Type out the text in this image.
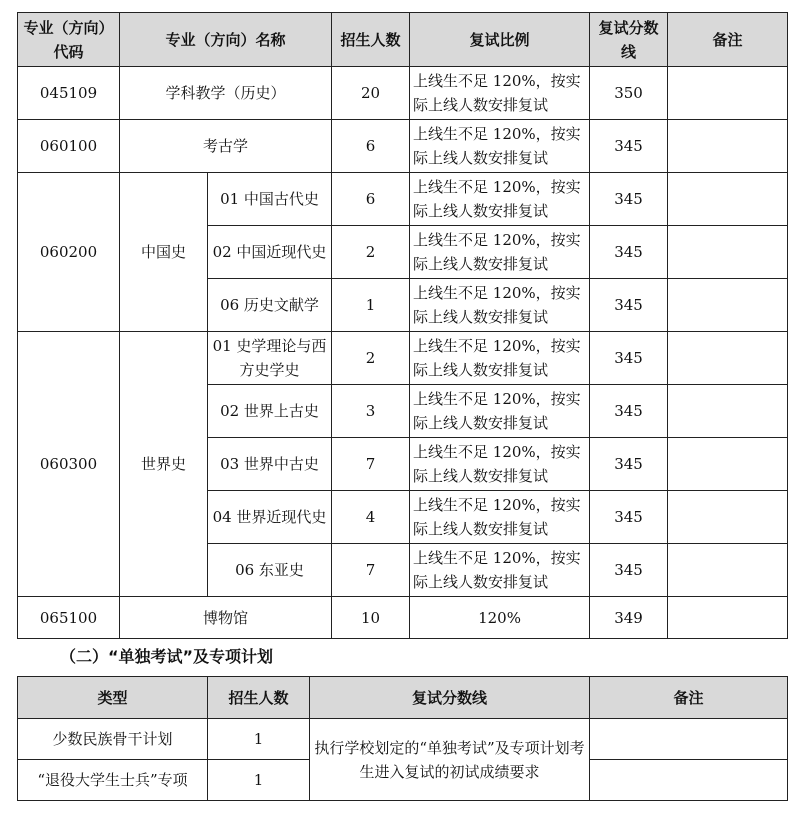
专业（方向）代码	专业（方向）名称		招生人数	复试比例	复试分数线	备注
045109	学科教学（历史）		20	上线生不足 120%，按实际上线人数安排复试	350	
060100	考古学		6	上线生不足 120%，按实际上线人数安排复试	345	
060200	中国史	01 中国古代史	6	上线生不足 120%，按实际上线人数安排复试	345	
		02 中国近现代史	2	上线生不足 120%，按实际上线人数安排复试	345	
		06 历史文献学	1	上线生不足 120%，按实际上线人数安排复试	345	
060300	世界史	01 史学理论与西方史学史	2	上线生不足 120%，按实际上线人数安排复试	345	
		02 世界上古史	3	上线生不足 120%，按实际上线人数安排复试	345	
		03 世界中古史	7	上线生不足 120%，按实际上线人数安排复试	345	
		04 世界近现代史	4	上线生不足 120%，按实际上线人数安排复试	345	
		06 东亚史	7	上线生不足 120%，按实际上线人数安排复试	345	
065100	博物馆		10	120%	349	
（二）“单独考试”及专项计划
类型	招生人数	复试分数线	备注
少数民族骨干计划	1	执行学校划定的“单独考试”及专项计划考生进入复试的初试成绩要求	
“退役大学生士兵”专项	1		
